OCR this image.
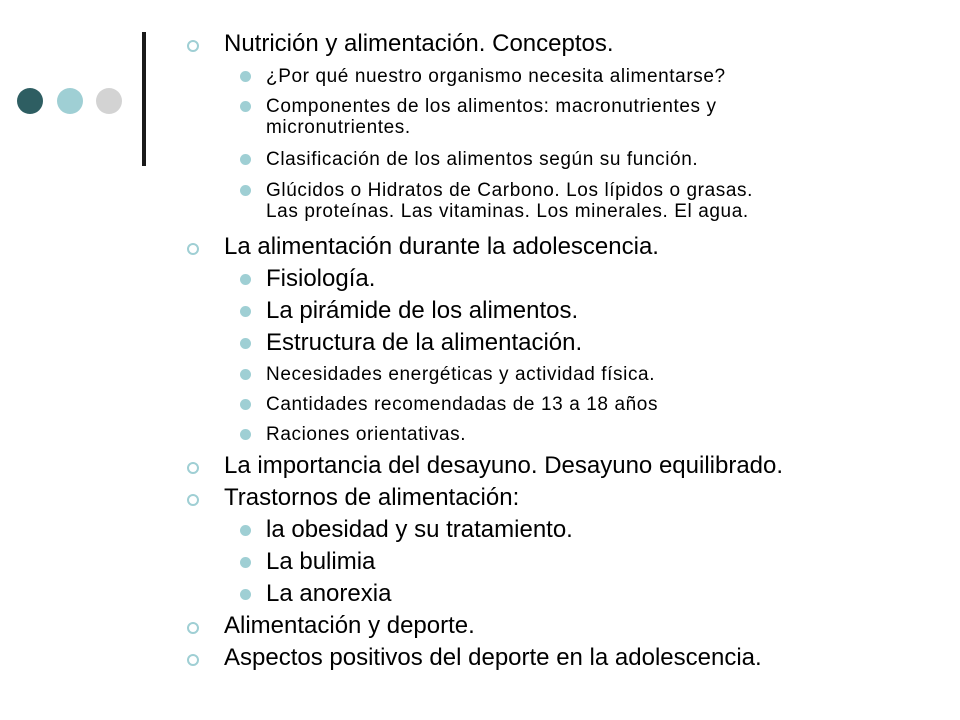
Nutrición y alimentación. Conceptos.
¿Por qué nuestro organismo necesita alimentarse?
Componentes de los alimentos: macronutrientes y
micronutrientes.
Clasificación de los alimentos según su función.
Glúcidos o Hidratos de Carbono. Los lípidos o grasas.
Las proteínas. Las vitaminas. Los minerales. El agua.
La alimentación durante la adolescencia.
Fisiología.
La pirámide de los alimentos.
Estructura de la alimentación.
Necesidades energéticas y actividad física.
Cantidades recomendadas de 13 a 18 años
Raciones orientativas.
La importancia del desayuno. Desayuno equilibrado.
Trastornos de alimentación:
la obesidad y su tratamiento.
La bulimia
La anorexia
Alimentación y deporte.
Aspectos positivos del deporte en la adolescencia.
